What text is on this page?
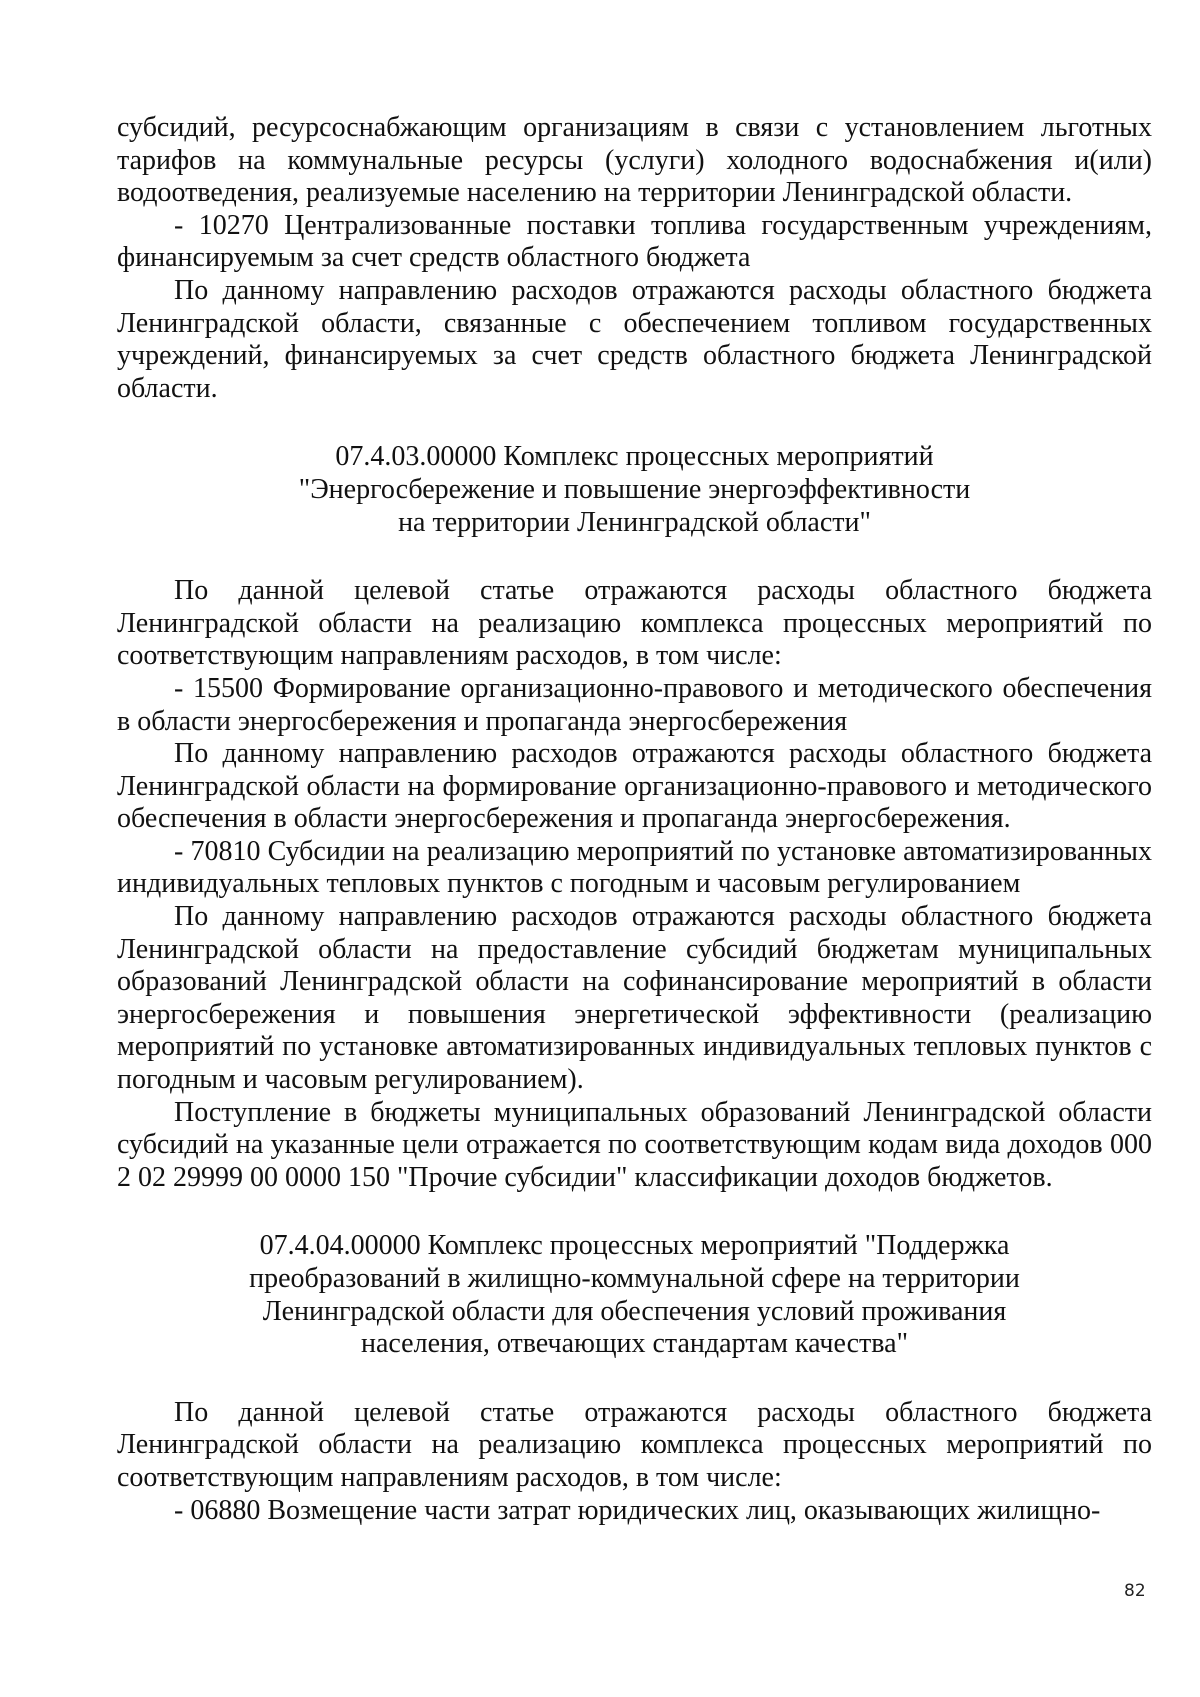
субсидий, ресурсоснабжающим организациям в связи с установлением льготных тарифов на коммунальные ресурсы (услуги) холодного водоснабжения и(или) водоотведения, реализуемые населению на территории Ленинградской области.

- 10270 Централизованные поставки топлива государственным учреждениям, финансируемым за счет средств областного бюджета

По данному направлению расходов отражаются расходы областного бюджета Ленинградской области, связанные с обеспечением топливом государственных учреждений, финансируемых за счет средств областного бюджета Ленинградской области.

07.4.03.00000 Комплекс процессных мероприятий
"Энергосбережение и повышение энергоэффективности
на территории Ленинградской области"

По данной целевой статье отражаются расходы областного бюджета Ленинградской области на реализацию комплекса процессных мероприятий по соответствующим направлениям расходов, в том числе:

- 15500 Формирование организационно-правового и методического обеспечения в области энергосбережения и пропаганда энергосбережения

По данному направлению расходов отражаются расходы областного бюджета Ленинградской области на формирование организационно-правового и методического обеспечения в области энергосбережения и пропаганда энергосбережения.

- 70810 Субсидии на реализацию мероприятий по установке автоматизированных индивидуальных тепловых пунктов с погодным и часовым регулированием

По данному направлению расходов отражаются расходы областного бюджета Ленинградской области на предоставление субсидий бюджетам муниципальных образований Ленинградской области на софинансирование мероприятий в области энергосбережения и повышения энергетической эффективности (реализацию мероприятий по установке автоматизированных индивидуальных тепловых пунктов с погодным и часовым регулированием).

Поступление в бюджеты муниципальных образований Ленинградской области субсидий на указанные цели отражается по соответствующим кодам вида доходов 000 2 02 29999 00 0000 150 "Прочие субсидии" классификации доходов бюджетов.

07.4.04.00000 Комплекс процессных мероприятий "Поддержка
преобразований в жилищно-коммунальной сфере на территории
Ленинградской области для обеспечения условий проживания
населения, отвечающих стандартам качества"

По данной целевой статье отражаются расходы областного бюджета Ленинградской области на реализацию комплекса процессных мероприятий по соответствующим направлениям расходов, в том числе:

- 06880 Возмещение части затрат юридических лиц, оказывающих жилищно-

82
